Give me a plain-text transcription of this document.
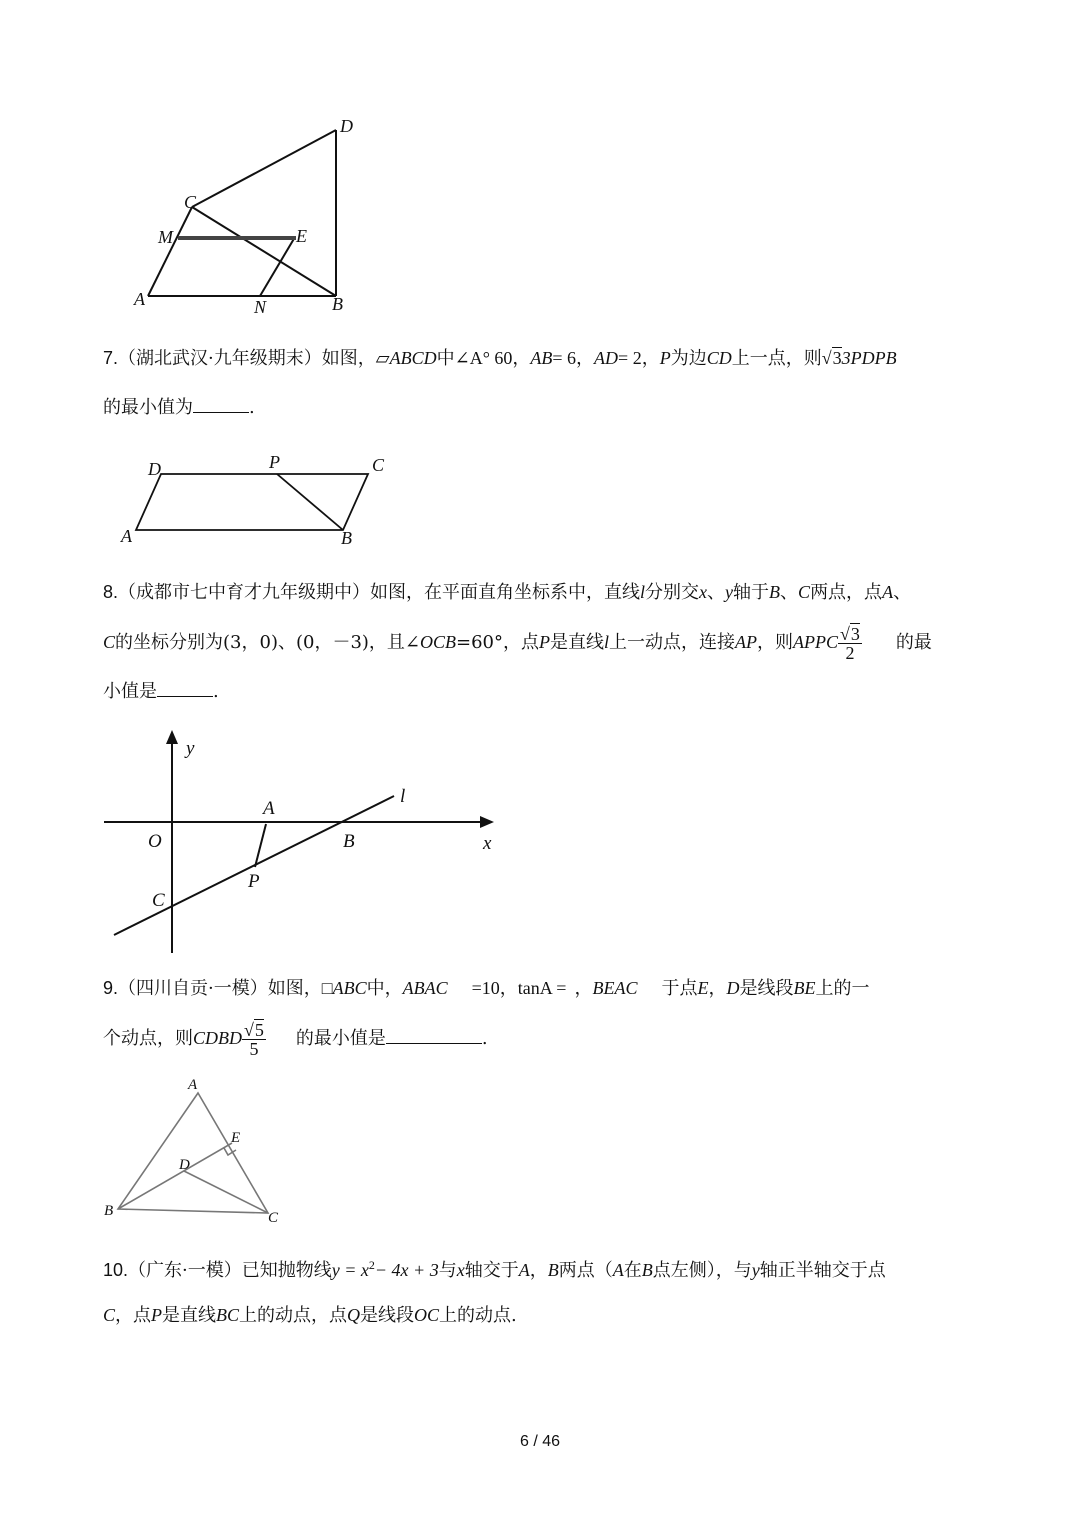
D
C
M	E
A	N	B
7.（湖北武汉·九年级期末）如图，▱ABCD中∠A° 60，AB= 6，AD= 2，P为边CD上一点，则√33PDPB
的最小值为	.
D	P	C
A	B
8.（成都市七中育才九年级期中）如图，在平面直角坐标系中，直线l分别交x、y轴于B、C两点，点A、
C的坐标分别为(3，0)、(0，－3)，且∠OCB=60°，点P是直线l上一动点，连接AP，则APPC $\frac{√3}{2}$ 的最
小值是	.
y
l
A
O	B	x
P
C
9.（四川自贡·一模）如图，□ABC中，ABAC =10，tanA = ，BEAC 于点E，D是线段BE上的一
个动点，则CDBD $\frac{√5}{5}$ 的最小值是	.
A
E
D
B	C
10.（广东·一模）已知抛物线$y = x^2- 4x + 3$与x轴交于A，B两点（A在B点左侧），与y轴正半轴交于点
C，点P是直线BC上的动点，点Q是线段OC上的动点.
6 / 46
